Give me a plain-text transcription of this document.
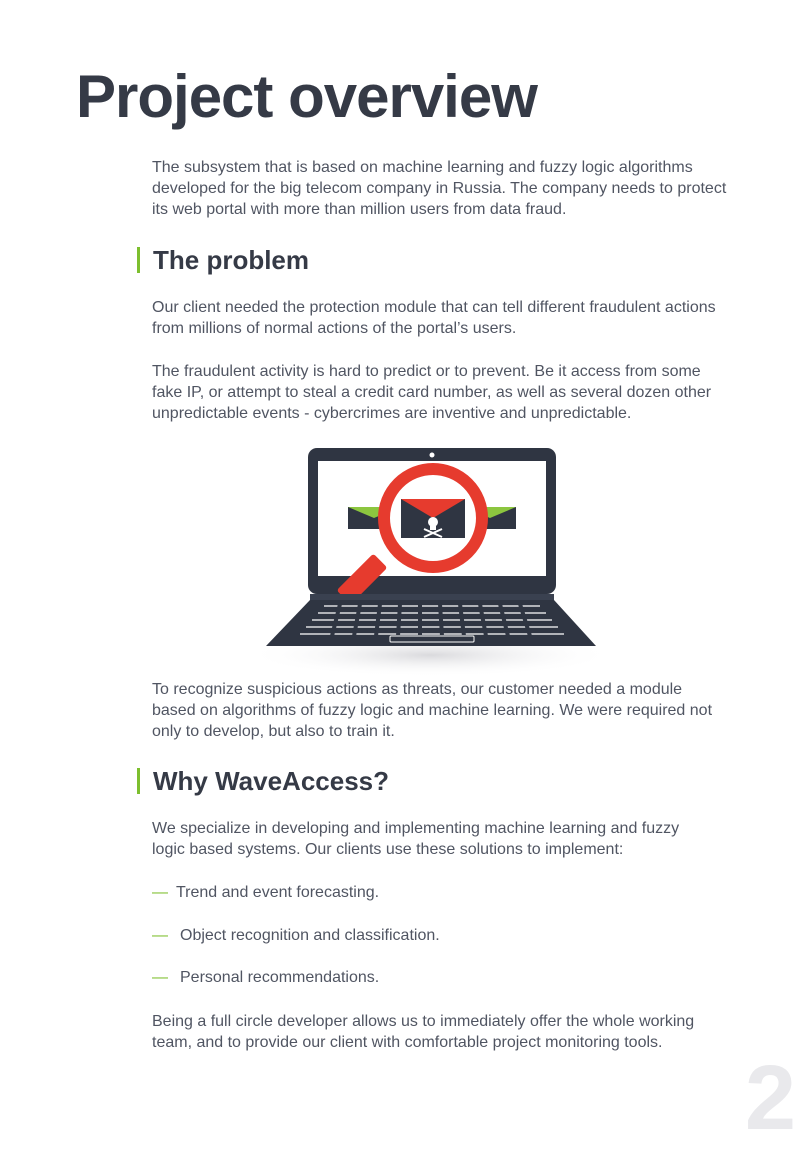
Project overview

The subsystem that is based on machine learning and fuzzy logic algorithms developed for the big telecom company in Russia. The company needs to protect its web portal with more than million users from data fraud.

The problem

Our client needed the protection module that can tell different fraudulent actions from millions of normal actions of the portal’s users.

The fraudulent activity is hard to predict or to prevent. Be it access from some fake IP, or attempt to steal a credit card number, as well as several dozen other unpredictable events - cybercrimes are inventive and unpredictable.

To recognize suspicious actions as threats, our customer needed a module based on algorithms of fuzzy logic and machine learning. We were required not only to develop, but also to train it.

Why WaveAccess?

We specialize in developing and implementing machine learning and fuzzy logic based systems. Our clients use these solutions to implement:

— Trend and event forecasting.
— Object recognition and classification.
— Personal recommendations.

Being a full circle developer allows us to immediately offer the whole working team, and to provide our client with comfortable project monitoring tools.

2
